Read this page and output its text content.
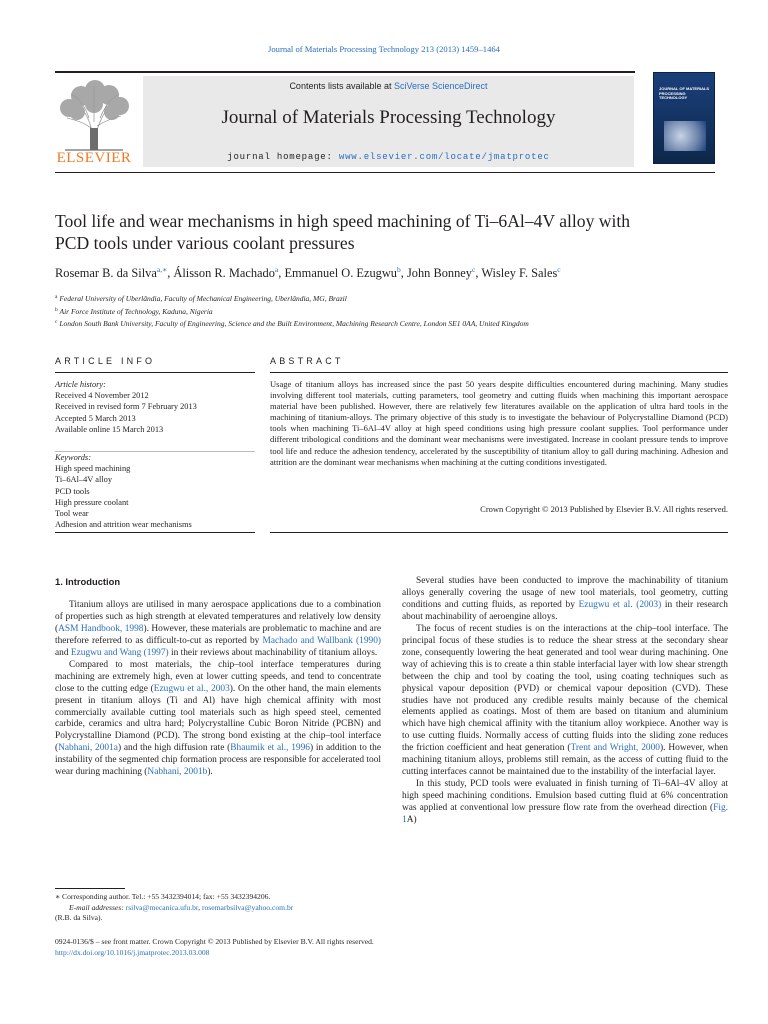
Journal of Materials Processing Technology 213 (2013) 1459–1464
ELSEVIER
Contents lists available at SciVerse ScienceDirect
Journal of Materials Processing Technology
journal homepage: www.elsevier.com/locate/jmatprotec
JOURNAL OF MATERIALS PROCESSING TECHNOLOGY
Tool life and wear mechanisms in high speed machining of Ti–6Al–4V alloy with
PCD tools under various coolant pressures
Rosemar B. da Silva$^{a,∗}$, Álisson R. Machado$^a$, Emmanuel O. Ezugwu$^b$, John Bonney$^c$, Wisley F. Sales$^c$
$^a$ Federal University of Uberlândia, Faculty of Mechanical Engineering, Uberlândia, MG, Brazil
$^b$ Air Force Institute of Technology, Kaduna, Nigeria
$^c$ London South Bank University, Faculty of Engineering, Science and the Built Environment, Machining Research Centre, London SE1 0AA, United Kingdom
ARTICLE INFO	ABSTRACT
Article history:
Received 4 November 2012
Received in revised form 7 February 2013
Accepted 5 March 2013
Available online 15 March 2013
Keywords:
High speed machining
Ti–6Al–4V alloy
PCD tools
High pressure coolant
Tool wear
Adhesion and attrition wear mechanisms
Usage of titanium alloys has increased since the past 50 years despite difficulties encountered during machining. Many studies involving different tool materials, cutting parameters, tool geometry and cutting fluids when machining this important aerospace material have been published. However, there are relatively few literatures available on the application of ultra hard tools in the machining of titanium-alloys. The primary objective of this study is to investigate the behaviour of Polycrystalline Diamond (PCD) tools when machining Ti–6Al–4V alloy at high speed conditions using high pressure coolant supplies. Tool performance under different tribological conditions and the dominant wear mechanisms were investigated. Increase in coolant pressure tends to improve tool life and reduce the adhesion tendency, accelerated by the susceptibility of titanium alloy to gall during machining. Adhesion and attrition are the dominant wear mechanisms when machining at the cutting conditions investigated.
Crown Copyright © 2013 Published by Elsevier B.V. All rights reserved.
1. Introduction

Titanium alloys are utilised in many aerospace applications due to a combination of properties such as high strength at elevated temperatures and relatively low density (ASM Handbook, 1998). However, these materials are problematic to machine and are therefore referred to as difficult-to-cut as reported by Machado and Wallbank (1990) and Ezugwu and Wang (1997) in their reviews about machinability of titanium alloys.

Compared to most materials, the chip–tool interface temperatures during machining are extremely high, even at lower cutting speeds, and tend to concentrate close to the cutting edge (Ezugwu et al., 2003). On the other hand, the main elements present in titanium alloys (Ti and Al) have high chemical affinity with most commercially available cutting tool materials such as high speed steel, cemented carbide, ceramics and ultra hard; Polycrystalline Cubic Boron Nitride (PCBN) and Polycrystalline Diamond (PCD). The strong bond existing at the chip–tool interface (Nabhani, 2001a) and the high diffusion rate (Bhaumik et al., 1996) in addition to the instability of the segmented chip formation process are responsible for accelerated tool wear during machining (Nabhani, 2001b).

Several studies have been conducted to improve the machinability of titanium alloys generally covering the usage of new tool materials, tool geometry, cutting conditions and cutting fluids, as reported by Ezugwu et al. (2003) in their research about machinability of aeroengine alloys.

The focus of recent studies is on the interactions at the chip–tool interface. The principal focus of these studies is to reduce the shear stress at the secondary shear zone, consequently lowering the heat generated and tool wear during machining. One way of achieving this is to create a thin stable interfacial layer with low shear strength between the chip and tool by coating the tool, using coating techniques such as physical vapour deposition (PVD) or chemical vapour deposition (CVD). These studies have not produced any credible results mainly because of the chemical elements applied as coatings. Most of them are based on titanium and aluminium which have high chemical affinity with the titanium alloy workpiece. Another way is to use cutting fluids. Normally access of cutting fluids into the sliding zone reduces the friction coefficient and heat generation (Trent and Wright, 2000). However, when machining titanium alloys, problems still remain, as the access of cutting fluid to the cutting interfaces cannot be maintained due to the instability of the interfacial layer.

In this study, PCD tools were evaluated in finish turning of Ti–6Al–4V alloy at high speed machining conditions. Emulsion based cutting fluid at 6% concentration was applied at conventional low pressure flow rate from the overhead direction (Fig. 1A)

∗ Corresponding author. Tel.: +55 3432394014; fax: +55 3432394206.
E-mail addresses: rsilva@mecanica.ufu.br, rosemarbsilva@yahoo.com.br
(R.B. da Silva).
0924-0136/$ – see front matter. Crown Copyright © 2013 Published by Elsevier B.V. All rights reserved.
http://dx.doi.org/10.1016/j.jmatprotec.2013.03.008
